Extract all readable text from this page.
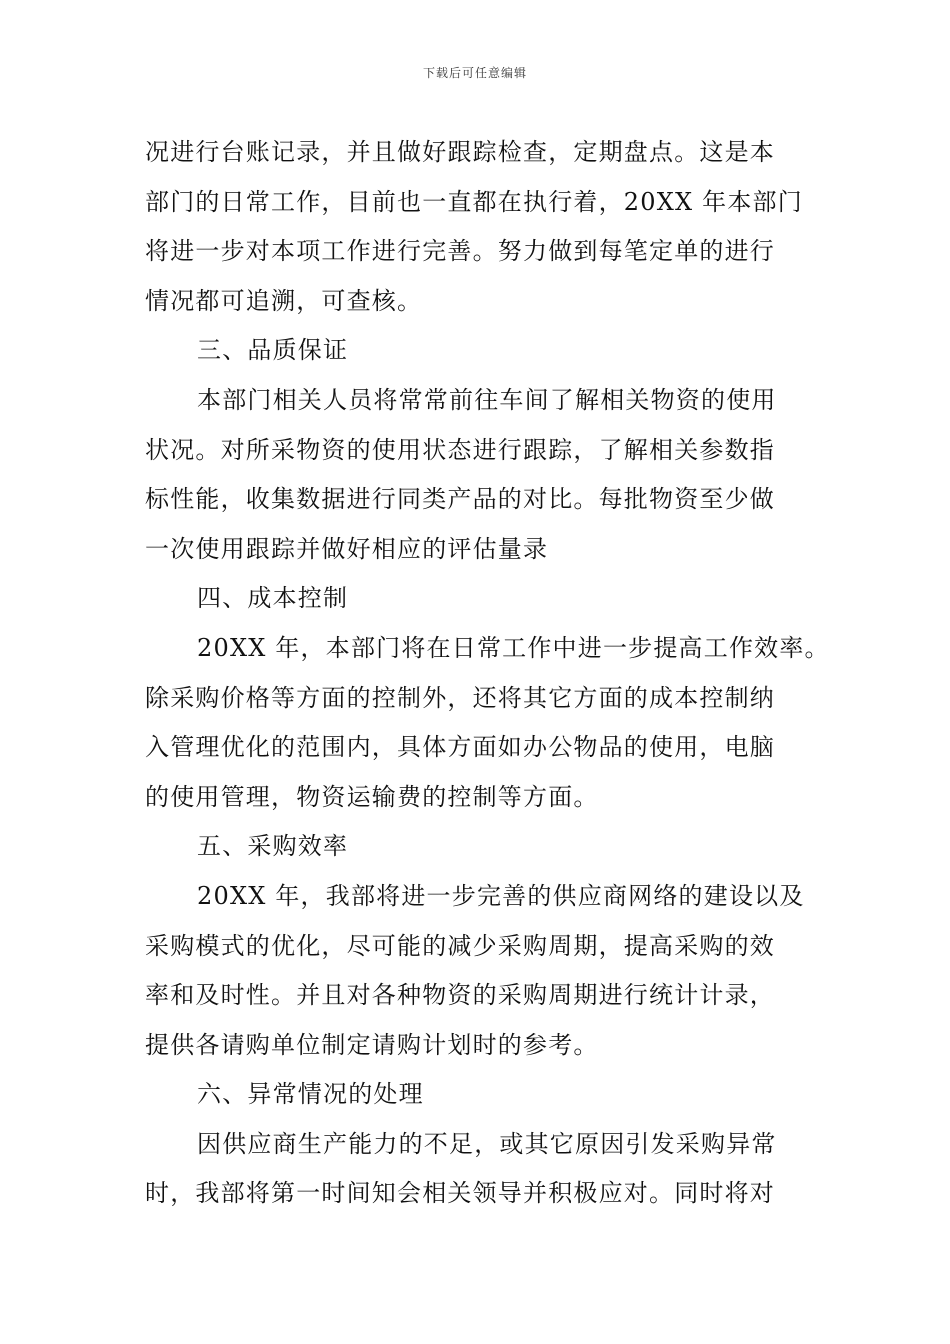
下载后可任意编辑
况进行台账记录，并且做好跟踪检查，定期盘点。这是本
部门的日常工作，目前也一直都在执行着，20XX 年本部门
将进一步对本项工作进行完善。努力做到每笔定单的进行
情况都可追溯，可查核。
三、品质保证
本部门相关人员将常常前往车间了解相关物资的使用
状况。对所采物资的使用状态进行跟踪，了解相关参数指
标性能，收集数据进行同类产品的对比。每批物资至少做
一次使用跟踪并做好相应的评估量录
四、成本控制
20XX 年，本部门将在日常工作中进一步提高工作效率。
除采购价格等方面的控制外，还将其它方面的成本控制纳
入管理优化的范围内，具体方面如办公物品的使用，电脑
的使用管理，物资运输费的控制等方面。
五、采购效率
20XX 年，我部将进一步完善的供应商网络的建设以及
采购模式的优化，尽可能的减少采购周期，提高采购的效
率和及时性。并且对各种物资的采购周期进行统计计录，
提供各请购单位制定请购计划时的参考。
六、异常情况的处理
因供应商生产能力的不足，或其它原因引发采购异常
时，我部将第一时间知会相关领导并积极应对。同时将对
